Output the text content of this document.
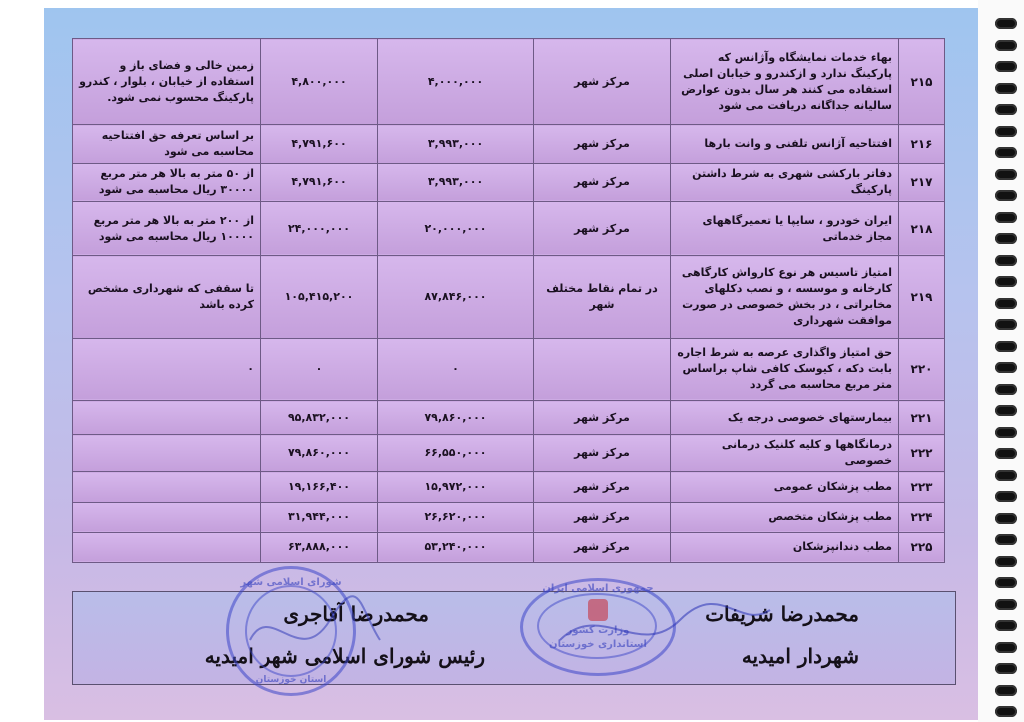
۲۱۵	بهاء خدمات نمایشگاه وآژانس که پارکینگ ندارد و ازکندرو و خیابان اصلی استفاده می کنند هر سال بدون عوارض سالیانه جداگانه دریافت می شود	مرکز شهر	۴,۰۰۰,۰۰۰	۴,۸۰۰,۰۰۰	زمین خالی و فضای باز و استفاده از خیابان ، بلوار ، کندرو پارکینگ محسوب نمی شود.
۲۱۶	افتتاحیه آژانس تلفنی و وانت بارها	مرکز شهر	۳,۹۹۳,۰۰۰	۴,۷۹۱,۶۰۰	بر اساس تعرفه حق افتتاحیه محاسبه می شود
۲۱۷	دفاتر بارکشی شهری به شرط داشتن پارکینگ	مرکز شهر	۳,۹۹۳,۰۰۰	۴,۷۹۱,۶۰۰	از ۵۰ متر به بالا هر متر مربع ۳۰۰۰۰ ریال محاسبه می شود
۲۱۸	ایران خودرو ، سایپا یا تعمیرگاههای مجاز خدماتی	مرکز شهر	۲۰,۰۰۰,۰۰۰	۲۴,۰۰۰,۰۰۰	از ۲۰۰ متر به بالا هر متر مربع ۱۰۰۰۰ ریال محاسبه می شود
۲۱۹	امتیاز تاسیس هر نوع کارواش کارگاهی کارخانه و موسسه ، و نصب دکلهای مخابراتی ، در بخش خصوصی در صورت موافقت شهرداری	در تمام نقاط مختلف شهر	۸۷,۸۴۶,۰۰۰	۱۰۵,۴۱۵,۲۰۰	تا سقفی که شهرداری مشخص کرده باشد
۲۲۰	حق امتیاز واگذاری عرصه به شرط اجاره بابت دکه ، کیوسک کافی شاپ براساس متر مربع محاسبه می گردد		۰	۰	۰
۲۲۱	بیمارستهای خصوصی درجه یک	مرکز شهر	۷۹,۸۶۰,۰۰۰	۹۵,۸۳۲,۰۰۰	
۲۲۲	درمانگاهها و کلیه کلنیک درمانی خصوصی	مرکز شهر	۶۶,۵۵۰,۰۰۰	۷۹,۸۶۰,۰۰۰	
۲۲۳	مطب پزشکان عمومی	مرکز شهر	۱۵,۹۷۲,۰۰۰	۱۹,۱۶۶,۴۰۰	
۲۲۴	مطب پزشکان متخصص	مرکز شهر	۲۶,۶۲۰,۰۰۰	۳۱,۹۴۴,۰۰۰	
۲۲۵	مطب دندانپزشکان	مرکز شهر	۵۳,۲۴۰,۰۰۰	۶۳,۸۸۸,۰۰۰	
محمدرضا شریفات
شهردار امیدیه
محمدرضا آقاجری
رئیس شورای اسلامی شهر امیدیه
جمهوری اسلامی ایران
وزارت کشور
استانداری خوزستان
شورای اسلامی شهر
استان خوزستان
